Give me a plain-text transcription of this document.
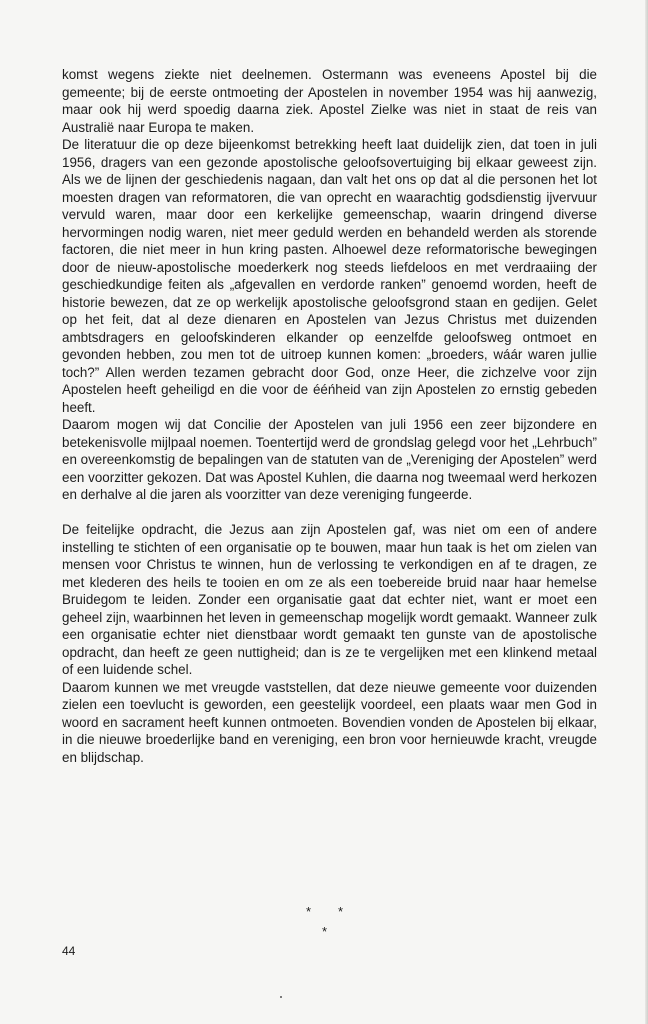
komst wegens ziekte niet deelnemen. Ostermann was eveneens Apostel bij die gemeente; bij de eerste ontmoeting der Apostelen in november 1954 was hij aanwezig, maar ook hij werd spoedig daarna ziek. Apostel Zielke was niet in staat de reis van Australië naar Europa te maken.

De literatuur die op deze bijeenkomst betrekking heeft laat duidelijk zien, dat toen in juli 1956, dragers van een gezonde apostolische geloofsovertuiging bij elkaar geweest zijn. Als we de lijnen der geschiedenis nagaan, dan valt het ons op dat al die personen het lot moesten dragen van reformatoren, die van oprecht en waarachtig godsdienstig ijvervuur vervuld waren, maar door een kerkelijke gemeenschap, waarin dringend diverse hervormingen nodig waren, niet meer geduld werden en behandeld werden als storende factoren, die niet meer in hun kring pasten. Alhoewel deze reformatorische bewegingen door de nieuw-apostolische moederkerk nog steeds liefdeloos en met verdraaiing der geschiedkundige feiten als „afgevallen en verdorde ranken” genoemd worden, heeft de historie bewezen, dat ze op werkelijk apostolische geloofsgrond staan en gedijen. Gelet op het feit, dat al deze dienaren en Apostelen van Jezus Christus met duizenden ambtsdragers en geloofskinderen elkander op eenzelfde geloofsweg ontmoet en gevonden hebben, zou men tot de uitroep kunnen komen: „broeders, wáár waren jullie toch?” Allen werden tezamen gebracht door God, onze Heer, die zichzelve voor zijn Apostelen heeft geheiligd en die voor de ééńheid van zijn Apostelen zo ernstig gebeden heeft.

Daarom mogen wij dat Concilie der Apostelen van juli 1956 een zeer bijzondere en betekenisvolle mijlpaal noemen. Toentertijd werd de grondslag gelegd voor het „Lehrbuch” en overeenkomstig de bepalingen van de statuten van de „Vereniging der Apostelen” werd een voorzitter gekozen. Dat was Apostel Kuhlen, die daarna nog tweemaal werd herkozen en derhalve al die jaren als voorzitter van deze vereniging fungeerde.

De feitelijke opdracht, die Jezus aan zijn Apostelen gaf, was niet om een of andere instelling te stichten of een organisatie op te bouwen, maar hun taak is het om zielen van mensen voor Christus te winnen, hun de verlossing te verkondigen en af te dragen, ze met klederen des heils te tooien en om ze als een toebereide bruid naar haar hemelse Bruidegom te leiden. Zonder een organisatie gaat dat echter niet, want er moet een geheel zijn, waarbinnen het leven in gemeenschap mogelijk wordt gemaakt. Wanneer zulk een organisatie echter niet dienstbaar wordt gemaakt ten gunste van de apostolische opdracht, dan heeft ze geen nuttigheid; dan is ze te vergelijken met een klinkend metaal of een luidende schel.

Daarom kunnen we met vreugde vaststellen, dat deze nieuwe gemeente voor duizenden zielen een toevlucht is geworden, een geestelijk voordeel, een plaats waar men God in woord en sacrament heeft kunnen ontmoeten. Bovendien vonden de Apostelen bij elkaar, in die nieuwe broederlijke band en vereniging, een bron voor hernieuwde kracht, vreugde en blijdschap.

* *
*
44
